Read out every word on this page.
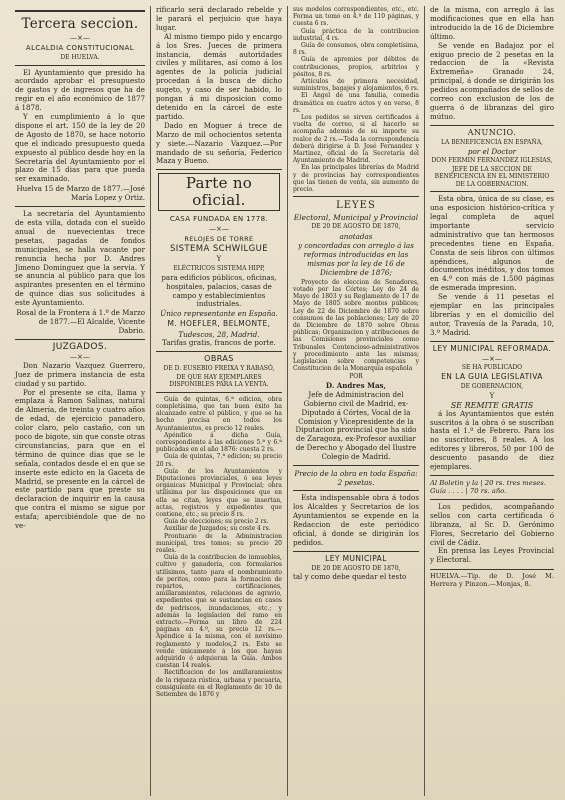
Tercera seccion.
—×—
ALCALDIA CONSTITUCIONAL
DE HUELVA.

El Ayuntamiento que presido ha acordado aprobar el presupuesto de gastos y de ingresos que ha de regir en el año económico de 1877 á 1878.

Y en cumplimiento á lo que dispone el art. 150 de la ley de 20 de Agosto de 1870, se hace notorio que el indicado presupuesto queda expuesto al público desde hoy en la Secretaría del Ayuntamiento por el plazo de 15 dias para que pueda ser examinado.

Huelva 15 de Marzo de 1877.—José María Lopez y Ortiz.

La secretaría del Ayuntamiento de esta villa, dotada con el sueldo anual de nuevecientas trece pesetas, pagadas de fondos municipales, se halla vacante por renuncia hecha por D. Andres Jimeno Dominguez que la servia. Y se anuncia al público para que los aspirantes presenten en el término de quince dias sus solicitudes á este Ayuntamiento.

Rosal de la Frontera á 1.º de Marzo de 1877.—El Alcalde, Vicente Dabrio.

JUZGADOS.
—×—

Don Nazario Vazquez Guerrero, Juez de primera instancia de esta ciudad y su partido.

Por el presente se cita, llama y emplaza á Ramon Salinas, natural de Almería, de treinta y cuatro años de edad, de ejercicio panadero, color claro, pelo castaño, con un poco de bigote, sin que conste otras circunstancias, para que en el término de quince dias que se le señala, contados desde el en que se inserte este edicto en la Gaceta de Madrid, se presente en la cárcel de este partido para que preste su declaracion de inquirir en la causa que contra el mismo se sigue por estafa; apercibiéndole que de no ve-

rificarlo será declarado rebelde y le parará el perjuicio que haya lugar.

Al mismo tiempo pido y encargo á los Sres. Jueces de primera instancia, demás autoridades civiles y militares, así como á los agentes de la policía judicial procedan á la busca de dicho sugeto, y caso de ser habido, lo pongan á mi disposicion como detenido en la cárcel de este partido.

Dado en Moguer á trece de Marzo de mil ochocientos setenta y siete.—Nazario Vazquez.—Por mandado de su señoría, Federico Maza y Bueno.

Parte no oficial.
CASA FUNDADA EN 1778.
—×—
RELOJES DE TORRE
SISTEMA SCHWILGUE
Y
ELÉCTRICOS SISTEMA HIPP,

para edificios públicos, oficinas, hospitales, palacios, casas de campo y establecimientos industriales.

Único representante en España.
M. HOEFLER, BELMONTE,
Tudescos, 28, Madrid.
Tarifas gratis, francos de porte.
OBRAS
DE D. EUSEBIO FREIXA Y RABASÓ,
DE QUE HAY EJEMPLARES DISPONIBLES PARA LA VENTA.

Guía de quintas, 6.ª edicion, obra completísima, que tan buen éxito ha alcanzado entre el público, y que se ha hecho precisa en todos los Ayuntamientos, es precio 12 reales.

Apéndice á dicha Guía, correspondiente á las ediciones 5.ª y 6.ª publicadas en el año 1876: cuesta 2 rs.

Guía de quintas, 7.ª edicion; su precio 20 rs.

Guía de los Ayuntamientos y Diputaciones provinciales, ó sea leyes orgánicas Municipal y Provincial; obra utilísima por las disposiciones que en ella se citan, leyes que se insertan, actas, registros y expedientes que contiene, etc.; su precio 8 rs.

Guía de elecciones; su precio 2 rs.

Auxiliar de Juzgados; su coste 4 rs.

Prontuario de la Administracion municipal, tres tomos; su precio 20 reales.

Guía de la contribucion de inmuebles, cultivo y ganadería, con formularios utilísimos, tanto para el nombramiento de peritos, como para la formacion de repartos, certificaciones, amillaramientos, relaciones de agravio, expedientes que se sustancian en casos de pedriscos, inundaciones, etc.; y además la legislacion del ramo en extracto.—Forma un libro de 224 páginas en 4.º, su precio 12 rs.—Apéndice á la misma, con el novísimo reglamento y modelos,2 rs. Este se vende únicamente á los que hayan adquirido ó adquieran la Guía. Ambos cuestan 14 reales.

Rectificacion de los amillaramientos de la riqueza rústica, urbana y pecuaria, consiguiente en el Reglamento de 10 de Setiembre de 1876 y

sus modelos correspondientes, etc., etc. Forma un tomo en 4.º de 110 páginas, y cuesta 6 rs.

Guía práctica de la contribucion industrial, 4 rs.

Guía de consumos, obra completísima, 8 rs.

Guía de apremios por débitos de contribuciones, propios, arbitrios y pósitos, 8 rs.

Artículos de primera necesidad, suministros, bagajes y alojamientos, 6 rs.

El Ángel de una familia, comedia dramática en cuatro actos y en verso, 8 rs.

Los pedidos se sirven certificados á vuelta de correo, si al hacerlo se acompaña además de su importe su realce de 2 rs.—Toda la correspondencia deberá dirigirse á D. José Fernandez y Martinez, oficial de la Secretaría del Ayuntamiento de Madrid.

En las principales librerías de Madrid y de provincias hay correspondientes que las tienen de venta, sin aumento de precio.

LEYES
Electoral, Municipal y Provincial
DE 20 DE AGOSTO DE 1870,
anotadas
y concordadas con arreglo á las reformas introducidas en las mismas por la ley de 16 de Diciembre de 1876;

Proyecto de eleccion de Senadores, votado por las Córtes; Ley de 24 de Mayo de 1803 y su Reglamento de 17 de Mayo de 1805 sobre montes públicos; Ley de 22 de Diciembre de 1870 sobre consumos de las poblaciones; Ley de 20 de Diciembre de 1870 sobre Obras públicas; Organizacion y atribuciones de las Comisiones provinciales como Tribunales Contencioso-administrativos y procedimiento ante las mismas; Legislacion sobre competencias y Constitucion de la Monarquía española

POR
D. Andres Mas,
Jefe de Administracion del Gobierno civil de Madrid, ex-Diputado á Córtes, Vocal de la Comision y Vicepresidente de la Diputacion provincial que ha sido de Zaragoza, ex-Profesor auxiliar de Derecho y Abogado del Ilustre Colegio de Madrid.
Precio de la obra en toda España: 2 pesetas.

Esta indispensable obra á todos los Alcaldes y Secretarios de los Ayuntamientos se expende en la Redaccion de este periódico oficial, á donde se dirigirán los pedidos.

LEY MUNICIPAL
DE 20 DE AGOSTO DE 1870,

tal y como debe quedar el testo

de la misma, con arreglo á las modificaciones que en ella han introducido la de 16 de Diciembre último.

Se vende en Badajoz por el exiguo precio de 2 pesetas en la redaccion de la «Revista Extremeña» Granado 24, principal, á donde se dirigirán los pedidos acompañados de sellos de correo con exclusion de los de guerra ó de libranzas del giro mútuo.

ANUNCIO.
LA BENEFICENCIA EN ESPAÑA,
por el Doctor
DON FERMIN FERNANDEZ IGLESIAS,
JEFE DE LA SECCION DE BENEFICENCIA EN EL MINISTERIO DE LA GOBERNACION.

Esta obra, única de su clase, es una esposicion histórico-crítica y legal completa de aquel importante servicio administrativo que tan hermosos precedentes tiene en España. Consta de seis libros con últimos apéndices, algunos de documentos inéditos, y dos tomos en 4.º con más de 1.500 páginas de esmerada impresion.

Se vende á 11 pesetas el ejemplar en las principales librerías y en el domicilio del autor, Travesía de la Parada, 10, 3.º Madrid.

LEY MUNICIPAL REFORMADA.
—×—
SE HA PUBLICADO
EN LA GUIA LEGISLATIVA
DE GOBERNACION,
Y
SE REMITE GRATIS

á los Ayuntamientos que estén suscritos á la obra ó se suscriban hasta el 1.º de Febrero. Para los no suscritores, 8 reales. A los editores y libreros, 50 por 100 de descuento pasando de diez ejemplares.

Al Boletin y la | 20 rs. tres meses.
Guía . . . . | 70 rs. año.

Los pedidos, acompañando sellos con carta certificada ó libranza, al Sr. D. Gerónimo Flores, Secretario del Gobierno civil de Cádiz.

En prensa las Leyes Provincial y Electoral.

HUELVA.—Tip. de D. José M. Herrera y Pinzon.—Monjas, 8.
